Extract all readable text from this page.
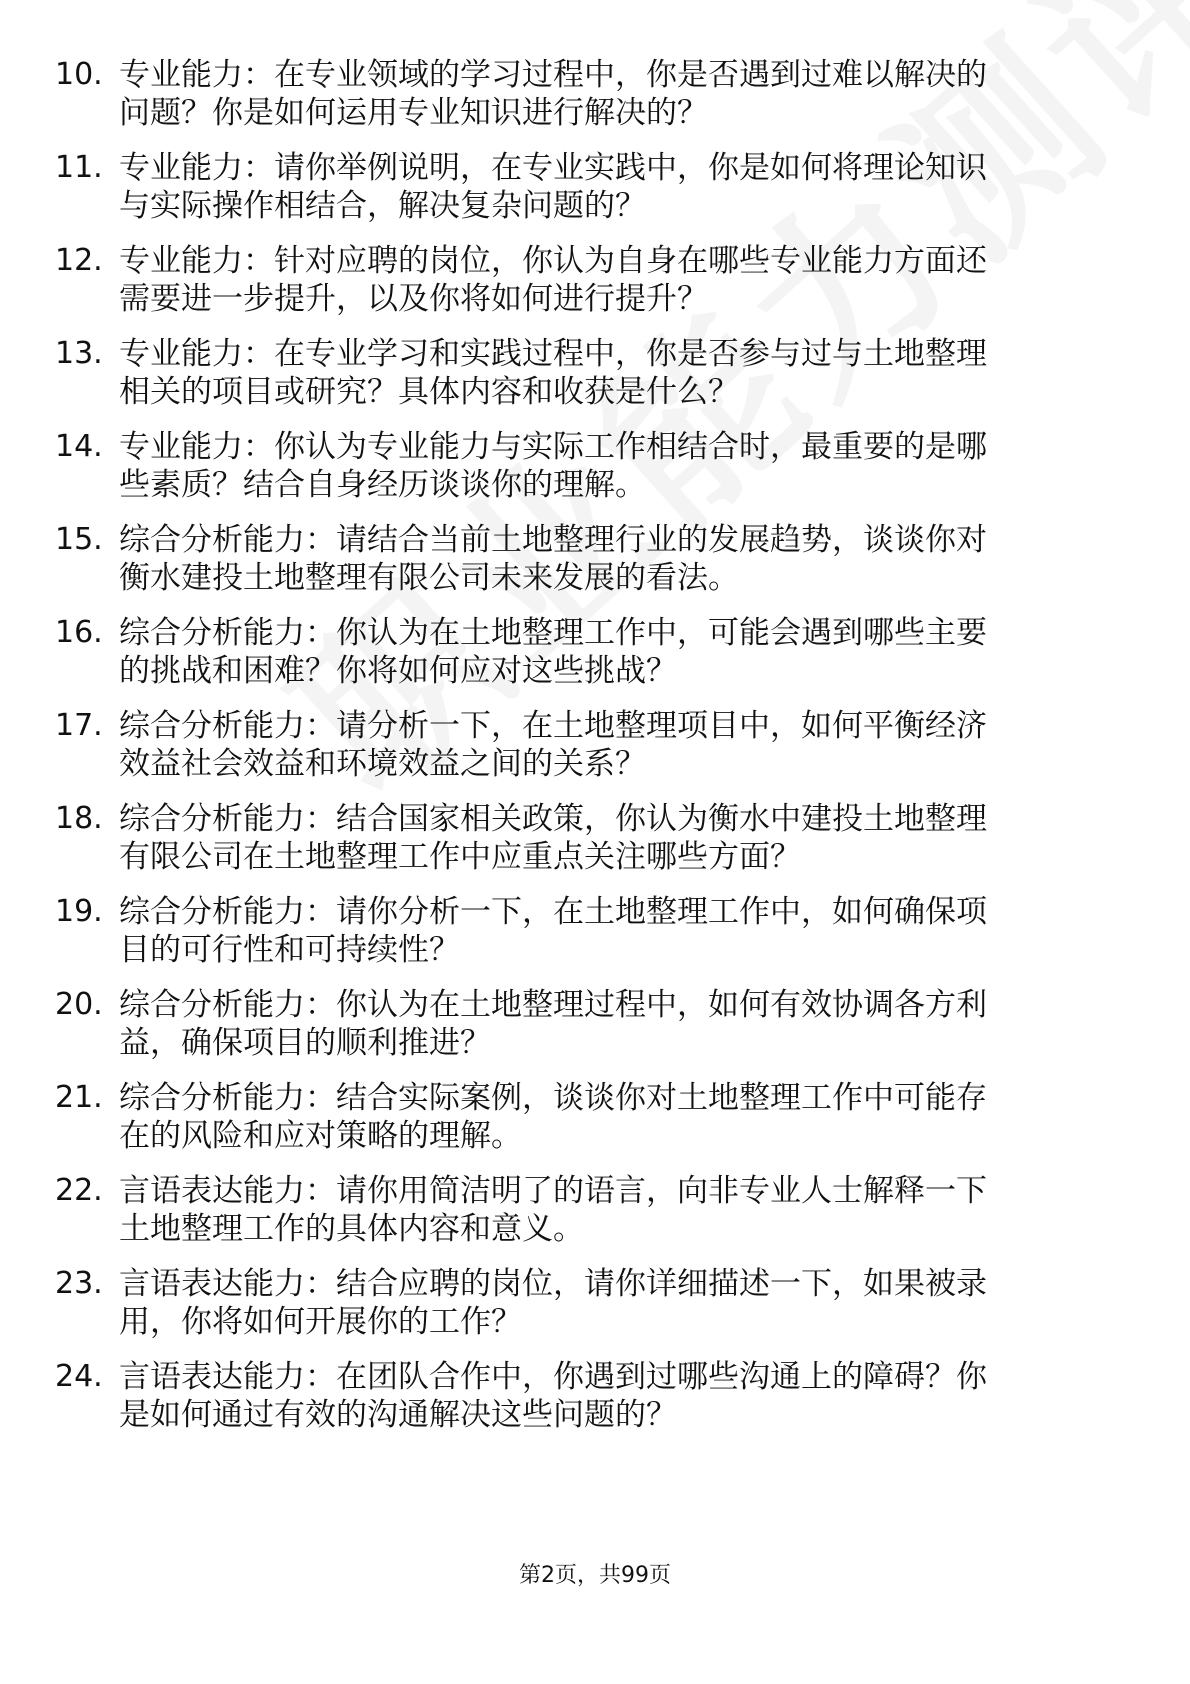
10. 专业能力：在专业领域的学习过程中，你是否遇到过难以解决的
问题？你是如何运用专业知识进行解决的？
11. 专业能力：请你举例说明，在专业实践中，你是如何将理论知识
与实际操作相结合，解决复杂问题的？
12. 专业能力：针对应聘的岗位，你认为自身在哪些专业能力方面还
需要进一步提升，以及你将如何进行提升？
13. 专业能力：在专业学习和实践过程中，你是否参与过与土地整理
相关的项目或研究？具体内容和收获是什么？
14. 专业能力：你认为专业能力与实际工作相结合时，最重要的是哪
些素质？结合自身经历谈谈你的理解。
15. 综合分析能力：请结合当前土地整理行业的发展趋势，谈谈你对
衡水建投土地整理有限公司未来发展的看法。
16. 综合分析能力：你认为在土地整理工作中，可能会遇到哪些主要
的挑战和困难？你将如何应对这些挑战？
17. 综合分析能力：请分析一下，在土地整理项目中，如何平衡经济
效益社会效益和环境效益之间的关系？
18. 综合分析能力：结合国家相关政策，你认为衡水中建投土地整理
有限公司在土地整理工作中应重点关注哪些方面？
19. 综合分析能力：请你分析一下，在土地整理工作中，如何确保项
目的可行性和可持续性？
20. 综合分析能力：你认为在土地整理过程中，如何有效协调各方利
益，确保项目的顺利推进？
21. 综合分析能力：结合实际案例，谈谈你对土地整理工作中可能存
在的风险和应对策略的理解。
22. 言语表达能力：请你用简洁明了的语言，向非专业人士解释一下
土地整理工作的具体内容和意义。
23. 言语表达能力：结合应聘的岗位，请你详细描述一下，如果被录
用，你将如何开展你的工作？
24. 言语表达能力：在团队合作中，你遇到过哪些沟通上的障碍？你
是如何通过有效的沟通解决这些问题的？
第2页，共99页
